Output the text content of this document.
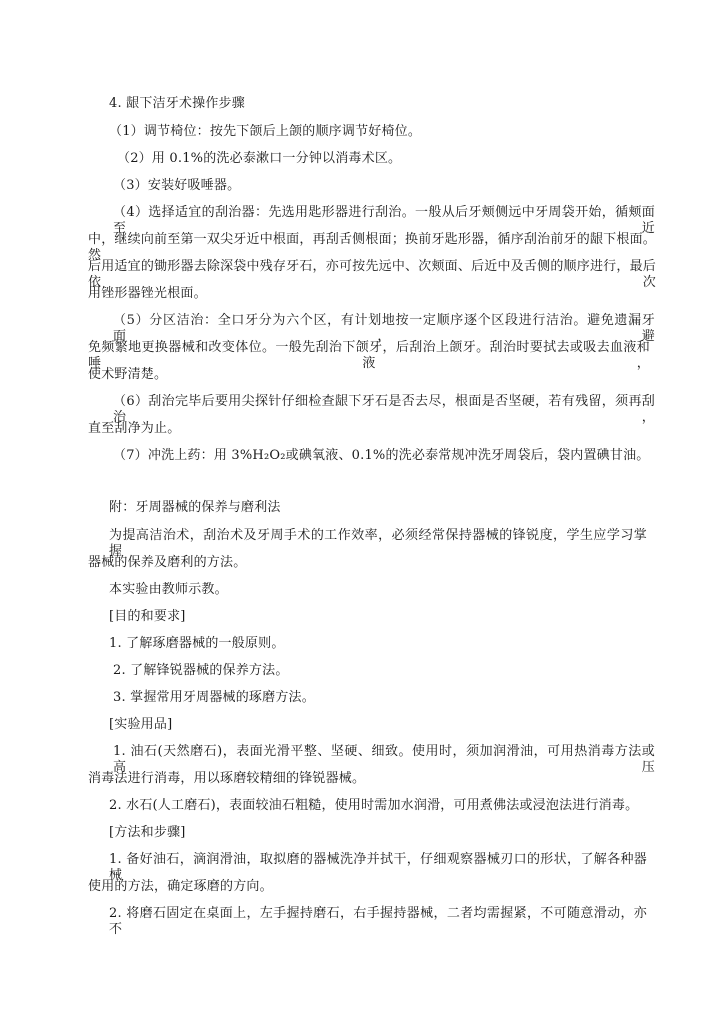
4. 龈下洁牙术操作步骤
（1）调节椅位：按先下颌后上颌的顺序调节好椅位。
（2）用 0.1%的洗必泰漱口一分钟以消毒术区。
（3）安装好吸唾器。
（4）选择适宜的刮治器：先选用匙形器进行刮治。一般从后牙颊侧远中牙周袋开始，循颊面至近
中，继续向前至第一双尖牙近中根面，再刮舌侧根面；换前牙匙形器，循序刮治前牙的龈下根面。然
后用适宜的锄形器去除深袋中残存牙石，亦可按先远中、次颊面、后近中及舌侧的顺序进行，最后依次
用锉形器锉光根面。
（5）分区洁治：全口牙分为六个区，有计划地按一定顺序逐个区段进行洁治。避免遗漏牙面，避
免频繁地更换器械和改变体位。一般先刮治下颌牙，后刮治上颌牙。刮治时要拭去或吸去血液和唾液，
使术野清楚。
（6）刮治完毕后要用尖探针仔细检查龈下牙石是否去尽，根面是否坚硬，若有残留，须再刮治，
直至刮净为止。
（7）冲洗上药：用 3%H₂O₂或碘氧液、0.1%的洗必泰常规冲洗牙周袋后，袋内置碘甘油。
附：牙周器械的保养与磨利法
为提高洁治术，刮治术及牙周手术的工作效率，必须经常保持器械的锋锐度，学生应学习掌握
器械的保养及磨利的方法。
本实验由教师示教。
[目的和要求]
1. 了解琢磨器械的一般原则。
2. 了解锋锐器械的保养方法。
3. 掌握常用牙周器械的琢磨方法。
[实验用品]
1. 油石(天然磨石)，表面光滑平整、坚硬、细致。使用时，须加润滑油，可用热消毒方法或高压
消毒法进行消毒，用以琢磨较精细的锋锐器械。
2. 水石(人工磨石)，表面较油石粗糙，使用时需加水润滑，可用煮佛法或浸泡法进行消毒。
[方法和步骤]
1. 备好油石，滴润滑油，取拟磨的器械洗净并拭干，仔细观察器械刃口的形状，了解各种器械
使用的方法，确定琢磨的方向。
2. 将磨石固定在桌面上，左手握持磨石，右手握持器械，二者均需握紧，不可随意滑动，亦不
